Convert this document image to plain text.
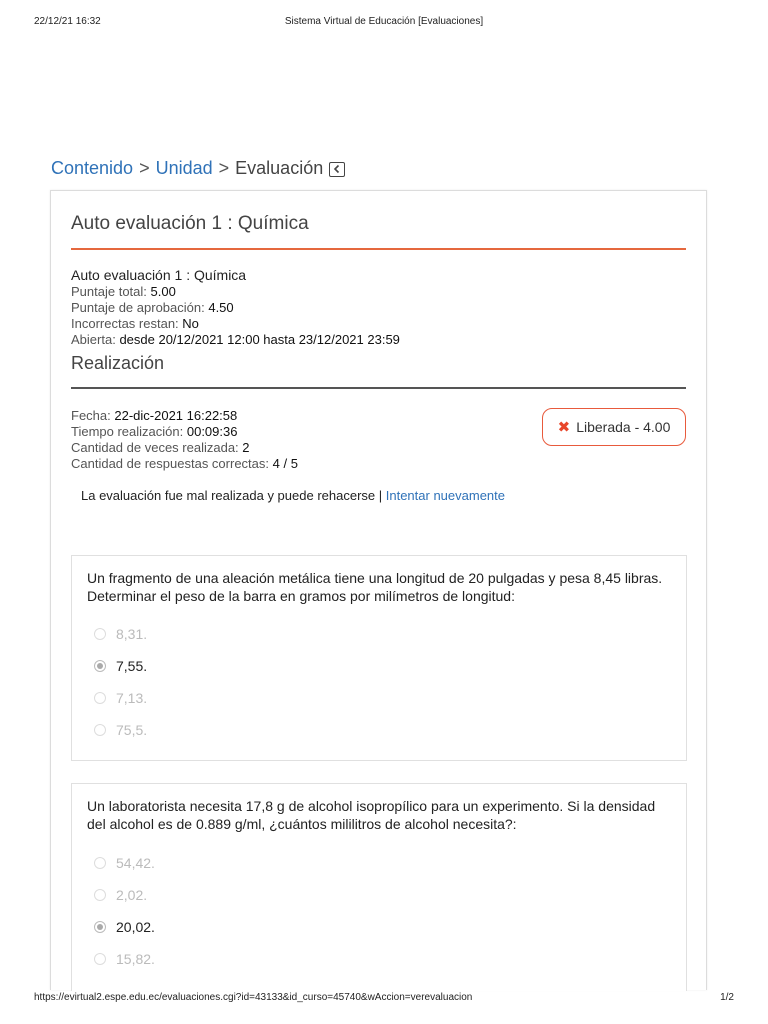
22/12/21 16:32	Sistema Virtual de Educación [Evaluaciones]
Contenido > Unidad > Evaluación
Auto evaluación 1 : Química
Auto evaluación 1 : Química
Puntaje total: 5.00
Puntaje de aprobación: 4.50
Incorrectas restan: No
Abierta: desde 20/12/2021 12:00 hasta 23/12/2021 23:59
Realización
Fecha: 22-dic-2021 16:22:58
Tiempo realización: 00:09:36
Cantidad de veces realizada: 2
Cantidad de respuestas correctas: 4 / 5
✖ Liberada - 4.00
La evaluación fue mal realizada y puede rehacerse | Intentar nuevamente
Un fragmento de una aleación metálica tiene una longitud de 20 pulgadas y pesa 8,45 libras. Determinar el peso de la barra en gramos por milímetros de longitud:
8,31.
7,55.
7,13.
75,5.
Un laboratorista necesita 17,8 g de alcohol isopropílico para un experimento. Si la densidad del alcohol es de 0.889 g/ml, ¿cuántos mililitros de alcohol necesita?:
54,42.
2,02.
20,02.
15,82.
https://evirtual2.espe.edu.ec/evaluaciones.cgi?id=43133&id_curso=45740&wAccion=verevaluacion	1/2
